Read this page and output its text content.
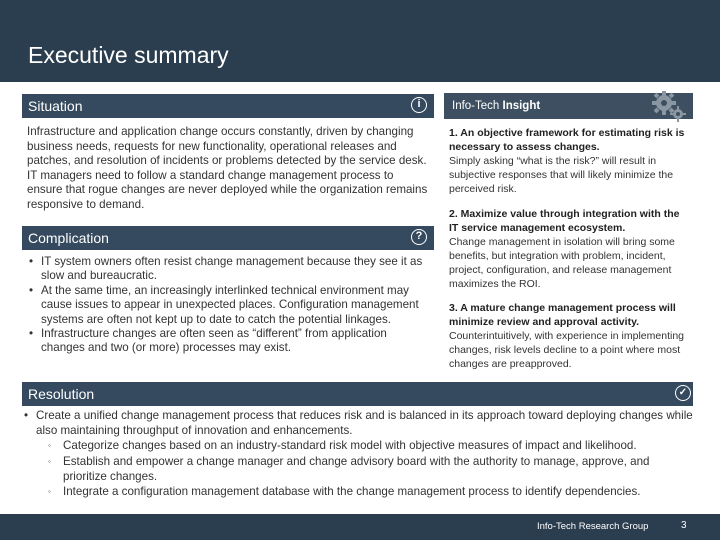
Executive summary
Situation	i

Infrastructure and application change occurs constantly, driven by changing business needs, requests for new functionality, operational releases and patches, and resolution of incidents or problems detected by the service desk. IT managers need to follow a standard change management process to ensure that rogue changes are never deployed while the organization remains responsive to demand.

Complication	?
• IT system owners often resist change management because they see it as slow and bureaucratic.
• At the same time, an increasingly interlinked technical environment may cause issues to appear in unexpected places. Configuration management systems are often not kept up to date to catch the potential linkages.
• Infrastructure changes are often seen as “different” from application changes and two (or more) processes may exist.
Info-Tech Insight
1. An objective framework for estimating risk is necessary to assess changes.
Simply asking “what is the risk?” will result in subjective responses that will likely minimize the perceived risk.
2. Maximize value through integration with the IT service management ecosystem.
Change management in isolation will bring some benefits, but integration with problem, incident, project, configuration, and release management maximizes the ROI.
3. A mature change management process will minimize review and approval activity.
Counterintuitively, with experience in implementing changes, risk levels decline to a point where most changes are preapproved.
Resolution	✓
• Create a unified change management process that reduces risk and is balanced in its approach toward deploying changes while also maintaining throughput of innovation and enhancements.
◦ Categorize changes based on an industry-standard risk model with objective measures of impact and likelihood.
◦ Establish and empower a change manager and change advisory board with the authority to manage, approve, and prioritize changes.
◦ Integrate a configuration management database with the change management process to identify dependencies.
Info-Tech Research Group	3
